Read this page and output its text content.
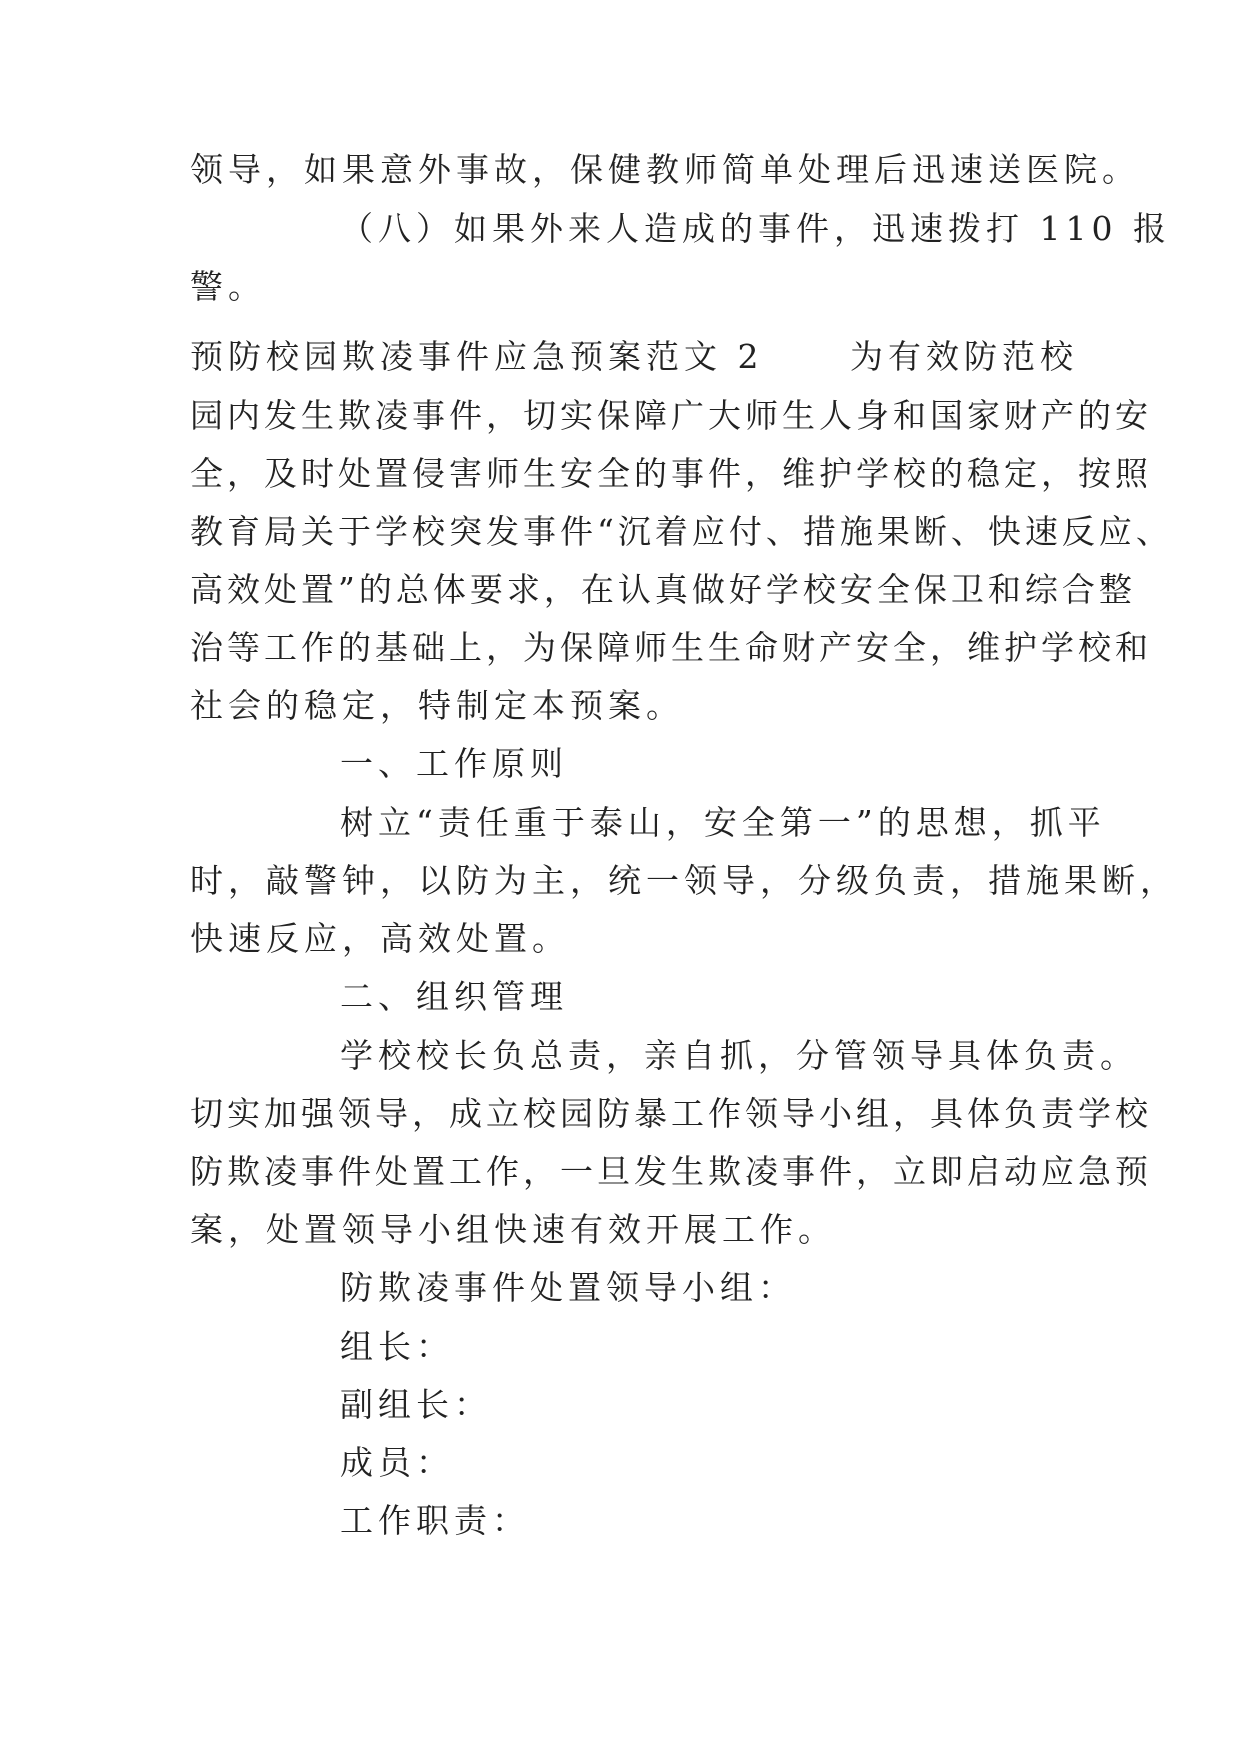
领导，如果意外事故，保健教师简单处理后迅速送医院。
（八）如果外来人造成的事件，迅速拨打 110 报
警。
预防校园欺凌事件应急预案范文 2	为有效防范校
园内发生欺凌事件，切实保障广大师生人身和国家财产的安
全，及时处置侵害师生安全的事件，维护学校的稳定，按照
教育局关于学校突发事件“沉着应付、措施果断、快速反应、
高效处置”的总体要求，在认真做好学校安全保卫和综合整
治等工作的基础上，为保障师生生命财产安全，维护学校和
社会的稳定，特制定本预案。
一、工作原则
树立“责任重于泰山，安全第一”的思想，抓平
时，敲警钟，以防为主，统一领导，分级负责，措施果断，
快速反应，高效处置。
二、组织管理
学校校长负总责，亲自抓，分管领导具体负责。
切实加强领导，成立校园防暴工作领导小组，具体负责学校
防欺凌事件处置工作，一旦发生欺凌事件，立即启动应急预
案，处置领导小组快速有效开展工作。
防欺凌事件处置领导小组：
组长：
副组长：
成员：
工作职责：
